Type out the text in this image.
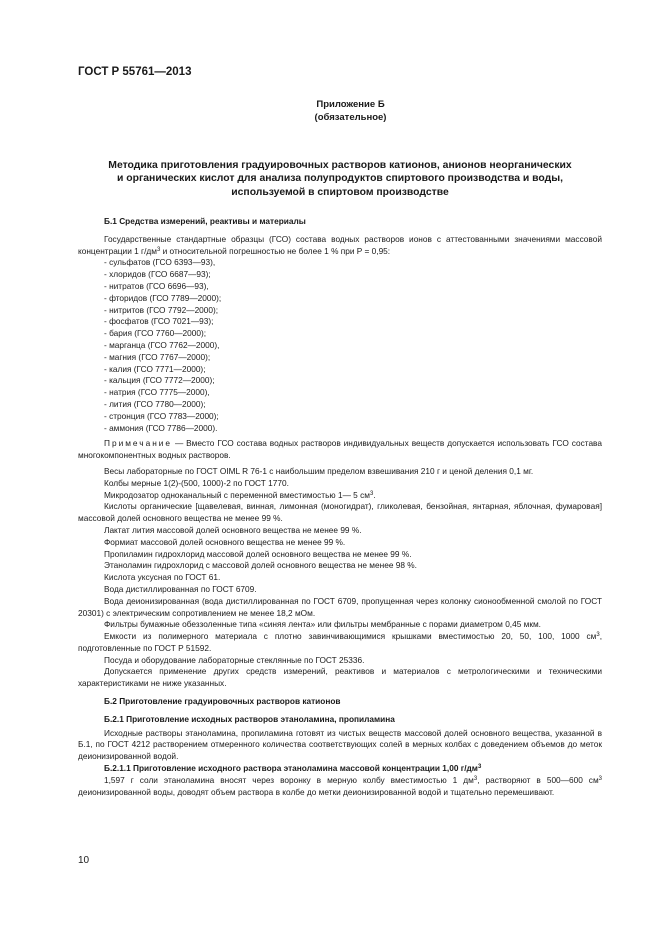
ГОСТ Р 55761—2013
Приложение Б
(обязательное)
Методика приготовления градуировочных растворов катионов, анионов неорганических
и органических кислот для анализа полупродуктов спиртового производства и воды,
используемой в спиртовом производстве
Б.1 Средства измерений, реактивы и материалы

Государственные стандартные образцы (ГСО) состава водных растворов ионов с аттестованными значениями массовой концентрации 1 $г/дм^3$ и относительной погрешностью не более 1 % при P = 0,95:

- сульфатов (ГСО 6393—93),
- хлоридов (ГСО 6687—93);
- нитратов (ГСО 6696—93),
- фторидов (ГСО 7789—2000);
- нитритов (ГСО 7792—2000);
- фосфатов (ГСО 7021—93);
- бария (ГСО 7760—2000);
- марганца (ГСО 7762—2000),
- магния (ГСО 7767—2000);
- калия (ГСО 7771—2000);
- кальция (ГСО 7772—2000);
- натрия (ГСО 7775—2000),
- лития (ГСО 7780—2000);
- стронция (ГСО 7783—2000);
- аммония (ГСО 7786—2000).

Примечание — Вместо ГСО состава водных растворов индивидуальных веществ допускается использовать ГСО состава многокомпонентных водных растворов.

Весы лабораторные по ГОСТ OIML R 76-1 с наибольшим пределом взвешивания 210 г и ценой деления 0,1 мг.

Колбы мерные 1(2)-(500, 1000)-2 по ГОСТ 1770.

Микродозатор одноканальный с переменной вместимостью 1— 5 $см^3$.

Кислоты органические [щавелевая, винная, лимонная (моногидрат), гликолевая, бензойная, янтарная, яблочная, фумаровая] массовой долей основного вещества не менее 99 %.

Лактат лития массовой долей основного вещества не менее 99 %.

Формиат массовой долей основного вещества не менее 99 %.

Пропиламин гидрохлорид массовой долей основного вещества не менее 99 %.

Этаноламин гидрохлорид с массовой долей основного вещества не менее 98 %.

Кислота уксусная по ГОСТ 61.

Вода дистиллированная по ГОСТ 6709.

Вода деионизированная (вода дистиллированная по ГОСТ 6709, пропущенная через колонку сионообменной смолой по ГОСТ 20301) с электрическим сопротивлением не менее 18,2 мОм.

Фильтры бумажные обеззоленные типа «синяя лента» или фильтры мембранные с порами диаметром 0,45 мкм.

Емкости из полимерного материала с плотно завинчивающимися крышками вместимостью 20, 50, 100, 1000 $см^3$, подготовленные по ГОСТ Р 51592.

Посуда и оборудование лабораторные стеклянные по ГОСТ 25336.

Допускается применение других средств измерений, реактивов и материалов с метрологическими и техническими характеристиками не ниже указанных.

Б.2 Приготовление градуировочных растворов катионов
Б.2.1 Приготовление исходных растворов этаноламина, пропиламина

Исходные растворы этаноламина, пропиламина готовят из чистых веществ массовой долей основного вещества, указанной в Б.1, по ГОСТ 4212 растворением отмеренного количества соответствующих солей в мерных колбах с доведением объемов до меток деионизированной водой.

Б.2.1.1 Приготовление исходного раствора этаноламина массовой концентрации 1,00 $г/дм^3$

1,597 г соли этаноламина вносят через воронку в мерную колбу вместимостью 1 $дм^3$, растворяют в 500—600 $см^3$ деионизированной воды, доводят объем раствора в колбе до метки деионизированной водой и тщательно перемешивают.

10
